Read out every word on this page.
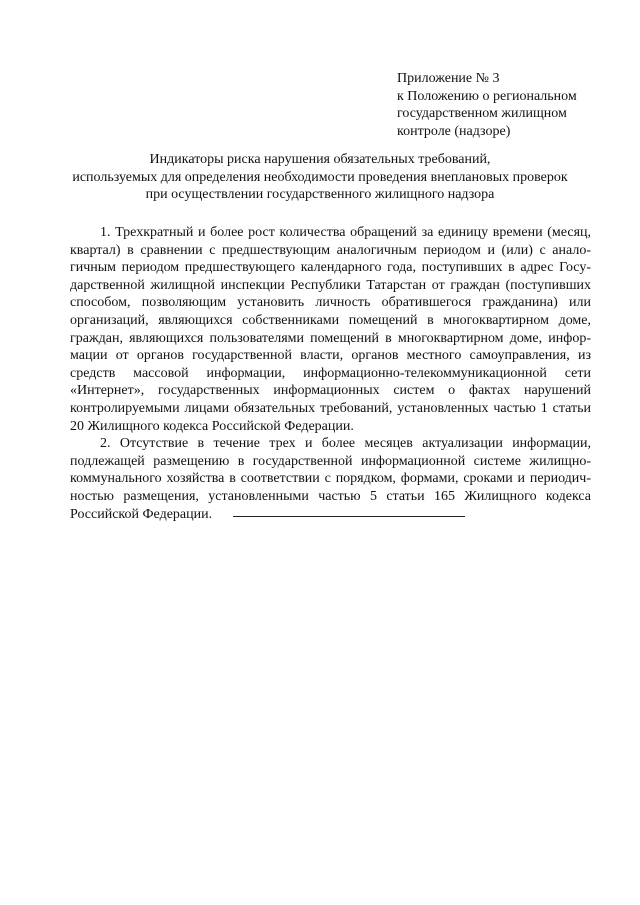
Приложение № 3
к Положению о региональном
государственном жилищном
контроле (надзоре)
Индикаторы риска нарушения обязательных требований,
используемых для определения необходимости проведения внеплановых проверок
при осуществлении государственного жилищного надзора

1. Трехкратный и более рост количества обращений за единицу времени (месяц, квартал) в сравнении с предшествующим аналогичным периодом и (или) с аналогичным периодом предшествующего календарного года, поступивших в адрес Государственной жилищной инспекции Республики Татарстан от граждан (поступивших способом, позволяющим установить личность обратившегося гражданина) или организаций, являющихся собственниками помещений в многоквартирном доме, граждан, являющихся пользователями помещений в многоквартирном доме, информации от органов государственной власти, органов местного самоуправления, из средств массовой информации, информационно-телекоммуникационной сети «Интернет», государственных информационных систем о фактах нарушений контролируемыми лицами обязательных требований, установленных частью 1 статьи 20 Жилищного кодекса Российской Федерации.

2. Отсутствие в течение трех и более месяцев актуализации информации, подлежащей размещению в государственной информационной системе жилищно-коммунального хозяйства в соответствии с порядком, формами, сроками и периодичностью размещения, установленными частью 5 статьи 165 Жилищного кодекса Российской Федерации.
